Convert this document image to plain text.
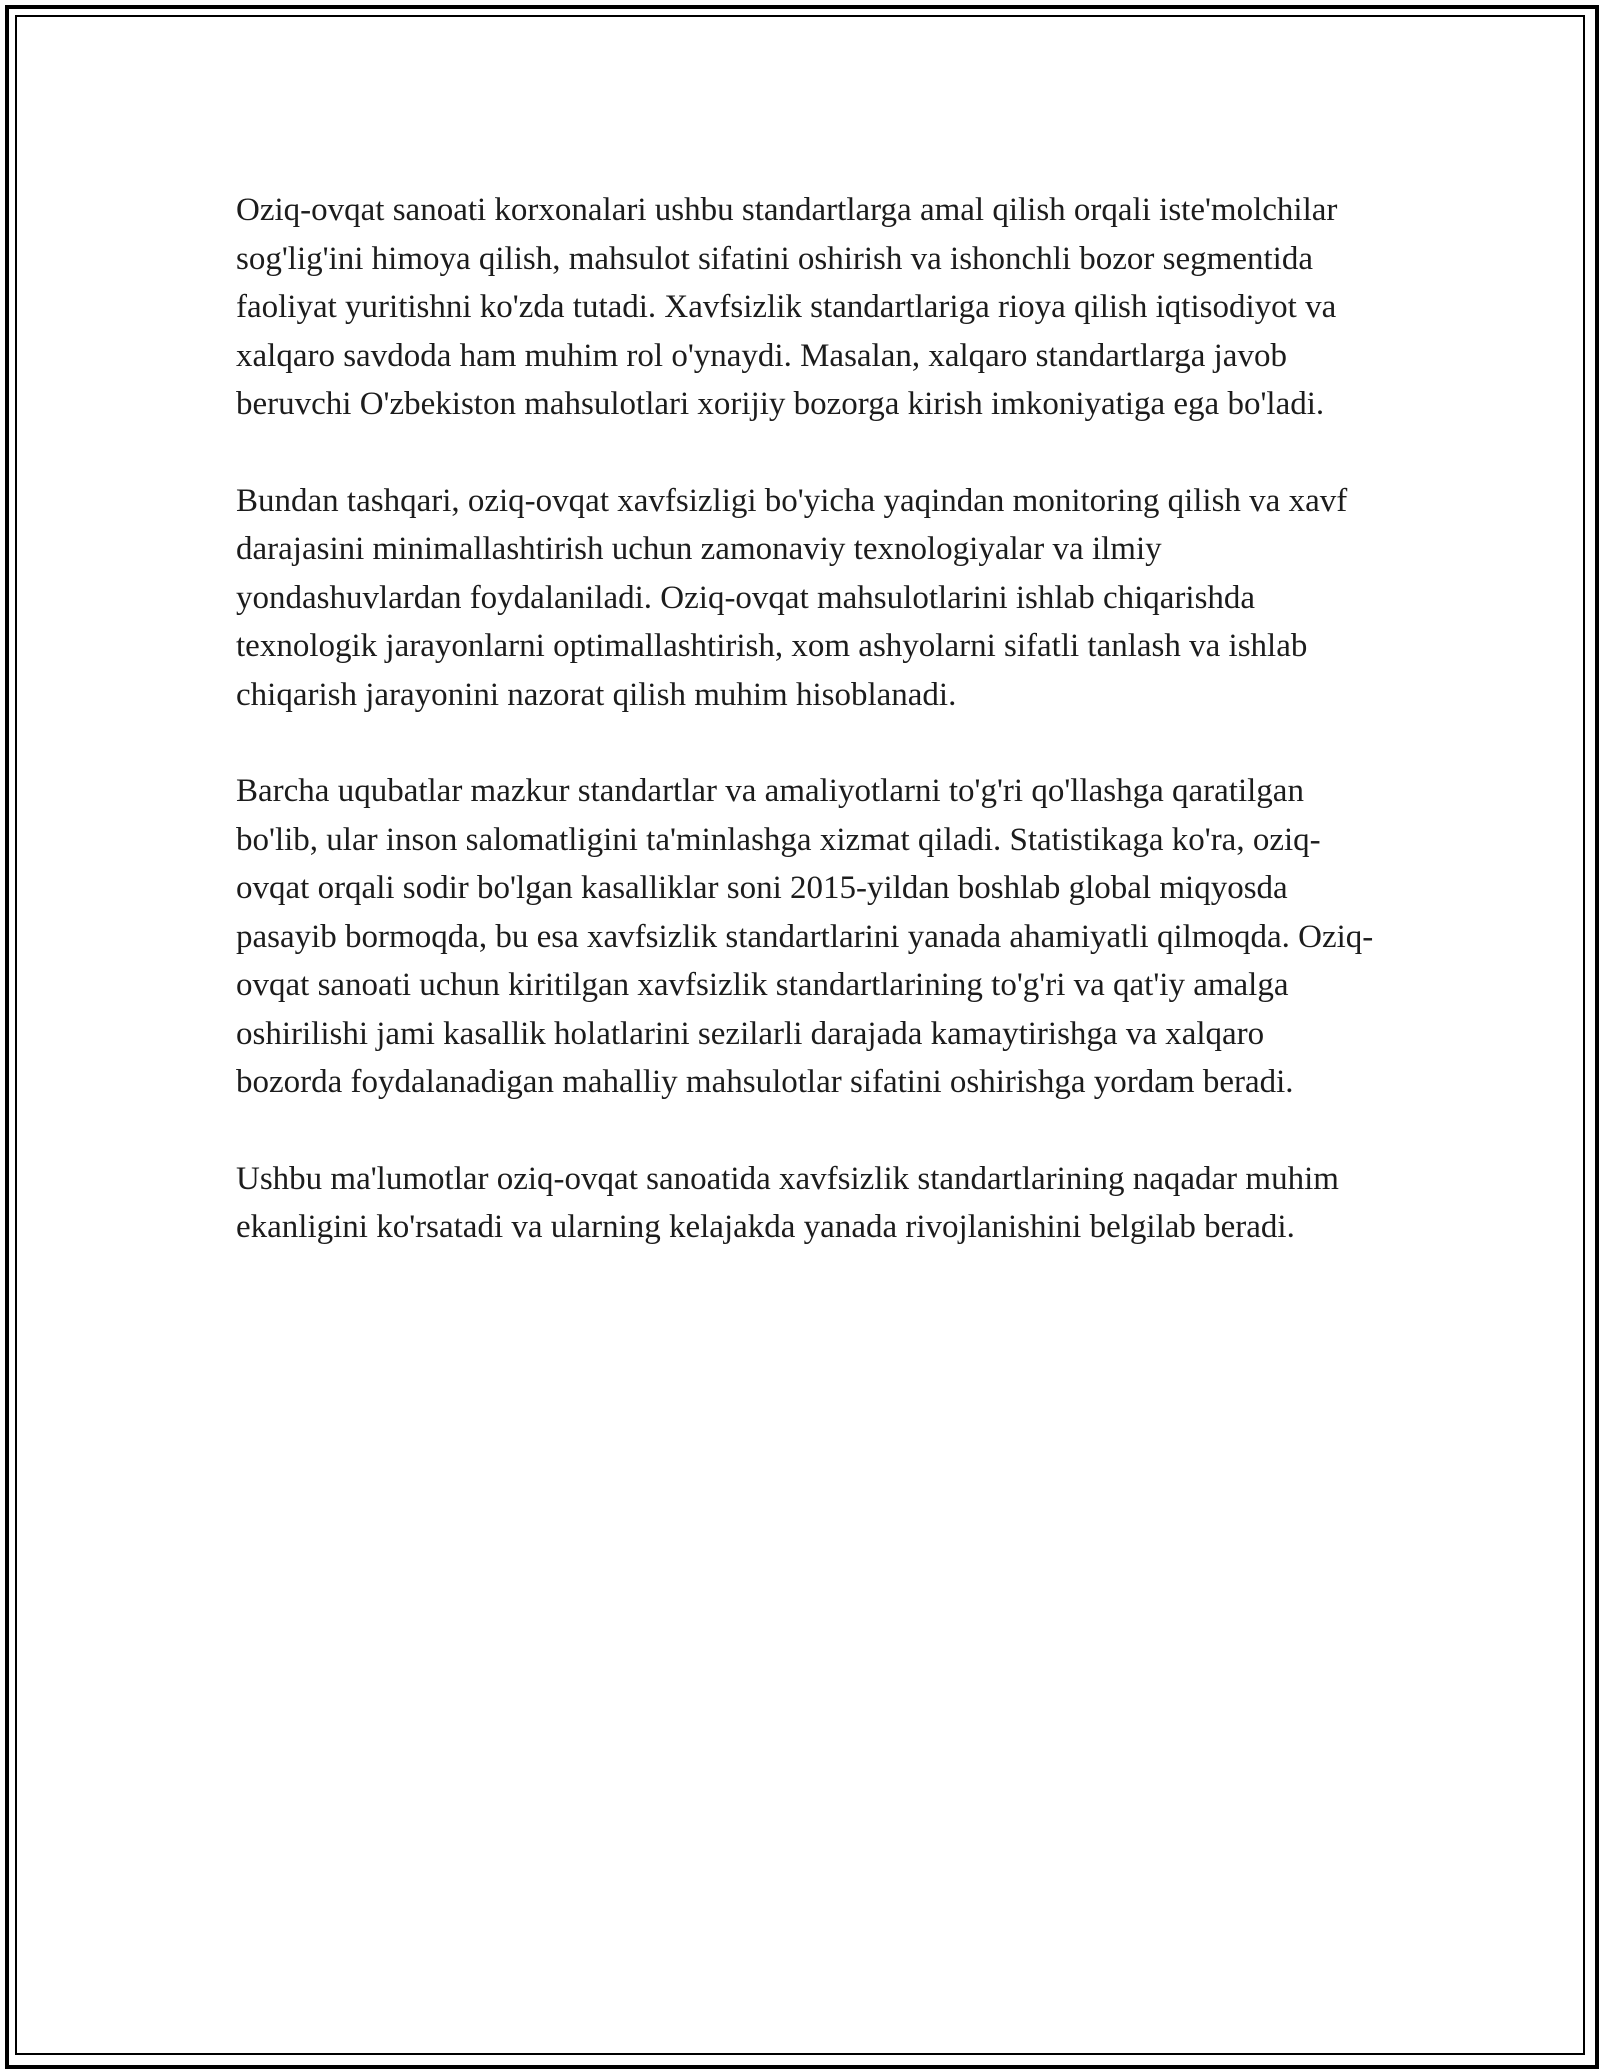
Oziq-ovqat sanoati korxonalari ushbu standartlarga amal qilish orqali iste'molchilar sog'lig'ini himoya qilish, mahsulot sifatini oshirish va ishonchli bozor segmentida faoliyat yuritishni ko'zda tutadi. Xavfsizlik standartlariga rioya qilish iqtisodiyot va xalqaro savdoda ham muhim rol o'ynaydi. Masalan, xalqaro standartlarga javob beruvchi O'zbekiston mahsulotlari xorijiy bozorga kirish imkoniyatiga ega bo'ladi.

Bundan tashqari, oziq-ovqat xavfsizligi bo'yicha yaqindan monitoring qilish va xavf darajasini minimallashtirish uchun zamonaviy texnologiyalar va ilmiy yondashuvlardan foydalaniladi. Oziq-ovqat mahsulotlarini ishlab chiqarishda texnologik jarayonlarni optimallashtirish, xom ashyolarni sifatli tanlash va ishlab chiqarish jarayonini nazorat qilish muhim hisoblanadi.

Barcha uqubatlar mazkur standartlar va amaliyotlarni to'g'ri qo'llashga qaratilgan bo'lib, ular inson salomatligini ta'minlashga xizmat qiladi. Statistikaga ko'ra, oziq-ovqat orqali sodir bo'lgan kasalliklar soni 2015-yildan boshlab global miqyosda pasayib bormoqda, bu esa xavfsizlik standartlarini yanada ahamiyatli qilmoqda. Oziq-ovqat sanoati uchun kiritilgan xavfsizlik standartlarining to'g'ri va qat'iy amalga oshirilishi jami kasallik holatlarini sezilarli darajada kamaytirishga va xalqaro bozorda foydalanadigan mahalliy mahsulotlar sifatini oshirishga yordam beradi.

Ushbu ma'lumotlar oziq-ovqat sanoatida xavfsizlik standartlarining naqadar muhim ekanligini ko'rsatadi va ularning kelajakda yanada rivojlanishini belgilab beradi.
